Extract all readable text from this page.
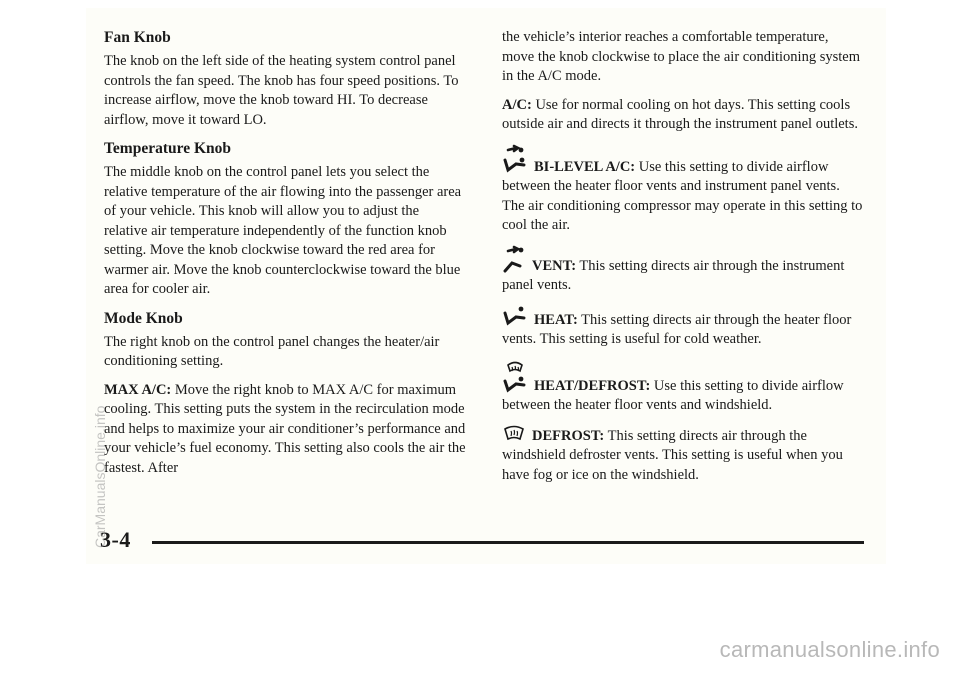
Fan Knob

The knob on the left side of the heating system control panel controls the fan speed. The knob has four speed positions. To increase airflow, move the knob toward HI. To decrease airflow, move it toward LO.

Temperature Knob

The middle knob on the control panel lets you select the relative temperature of the air flowing into the passenger area of your vehicle. This knob will allow you to adjust the relative air temperature independently of the function knob setting. Move the knob clockwise toward the red area for warmer air. Move the knob counterclockwise toward the blue area for cooler air.

Mode Knob

The right knob on the control panel changes the heater/air conditioning setting.

MAX A/C: Move the right knob to MAX A/C for maximum cooling. This setting puts the system in the recirculation mode and helps to maximize your air conditioner’s performance and your vehicle’s fuel economy. This setting also cools the air the fastest. After

the vehicle’s interior reaches a comfortable temperature, move the knob clockwise to place the air conditioning system in the A/C mode.

A/C: Use for normal cooling on hot days. This setting cools outside air and directs it through the instrument panel outlets.

BI-LEVEL A/C: Use this setting to divide airflow between the heater floor vents and instrument panel vents. The air conditioning compressor may operate in this setting to cool the air.

VENT: This setting directs air through the instrument panel vents.

HEAT: This setting directs air through the heater floor vents. This setting is useful for cold weather.

HEAT/DEFROST: Use this setting to divide airflow between the heater floor vents and windshield.

DEFROST: This setting directs air through the windshield defroster vents. This setting is useful when you have fog or ice on the windshield.

3-4
CarManualsOnline.info
carmanualsonline.info
